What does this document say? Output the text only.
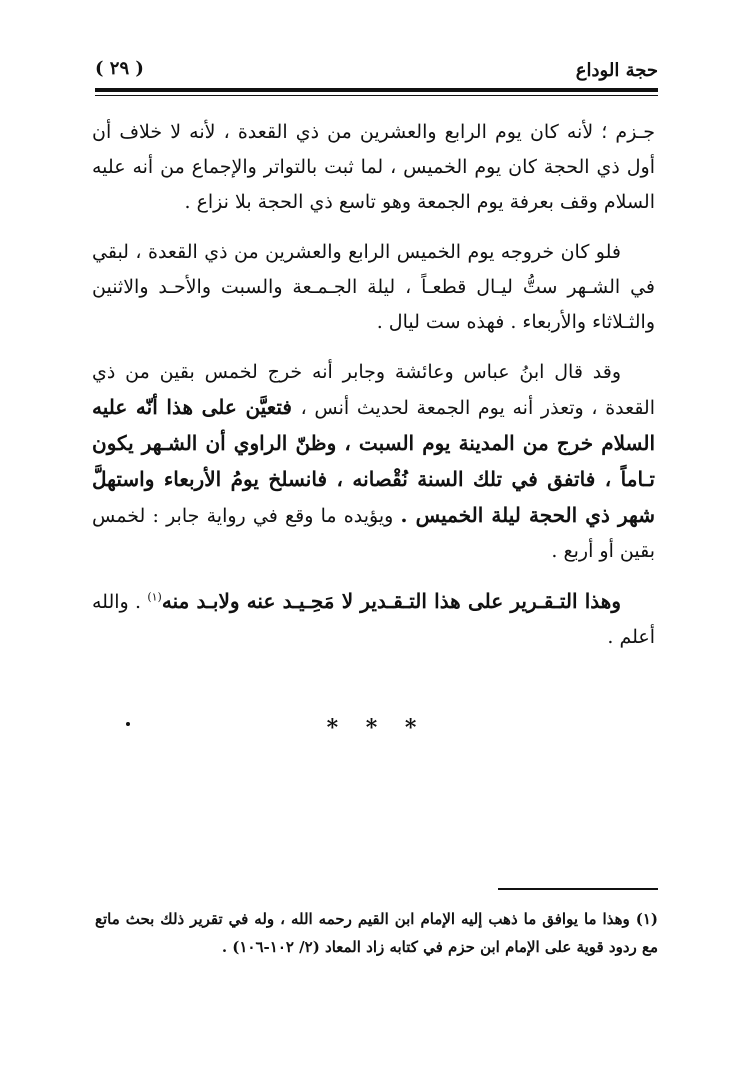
حجة الوداع
( ٢٩ )

جـزم ؛ لأنه كان يوم الرابع والعشرين من ذي القعدة ، لأنه لا خلاف أن أول ذي الحجة كان يوم الخميس ، لما ثبت بالتواتر والإجماع من أنه عليه السلام وقف بعرفة يوم الجمعة وهو تاسع ذي الحجة بلا نزاع .

فلو كان خروجه يوم الخميس الرابع والعشرين من ذي القعدة ، لبقي في الشـهر ستُّ ليـال قطعـاً ، ليلة الجـمـعة والسبت والأحـد والاثنين والثـلاثاء والأربعاء . فهذه ست ليال .

وقد قال ابنُ عباس وعائشة وجابر أنه خرج لخمس بقين من ذي القعدة ، وتعذر أنه يوم الجمعة لحديث أنس ، فتعيَّن على هذا أنّه عليه السلام خرج من المدينة يوم السبت ، وظنّ الراوي أن الشـهر يكون تـاماً ، فاتفق في تلك السنة نُقْصانه ، فانسلخ يومُ الأربعاء واستهلَّ شهر ذي الحجة ليلة الخميس . ويؤيده ما وقع في رواية جابر : لخمس بقين أو أربع .

وهذا التـقـرير على هذا التـقـدير لا مَحِـيـد عنه ولابـد منه$^{(١)}$ . والله أعلم .

* * *
(١) وهذا ما يوافق ما ذهب إليه الإمام ابن القيم رحمه الله ، وله في تقرير ذلك بحث ماتع مع ردود قوية على الإمام ابن حزم في كتابه زاد المعاد (٢/ ١٠٢-١٠٦) .
